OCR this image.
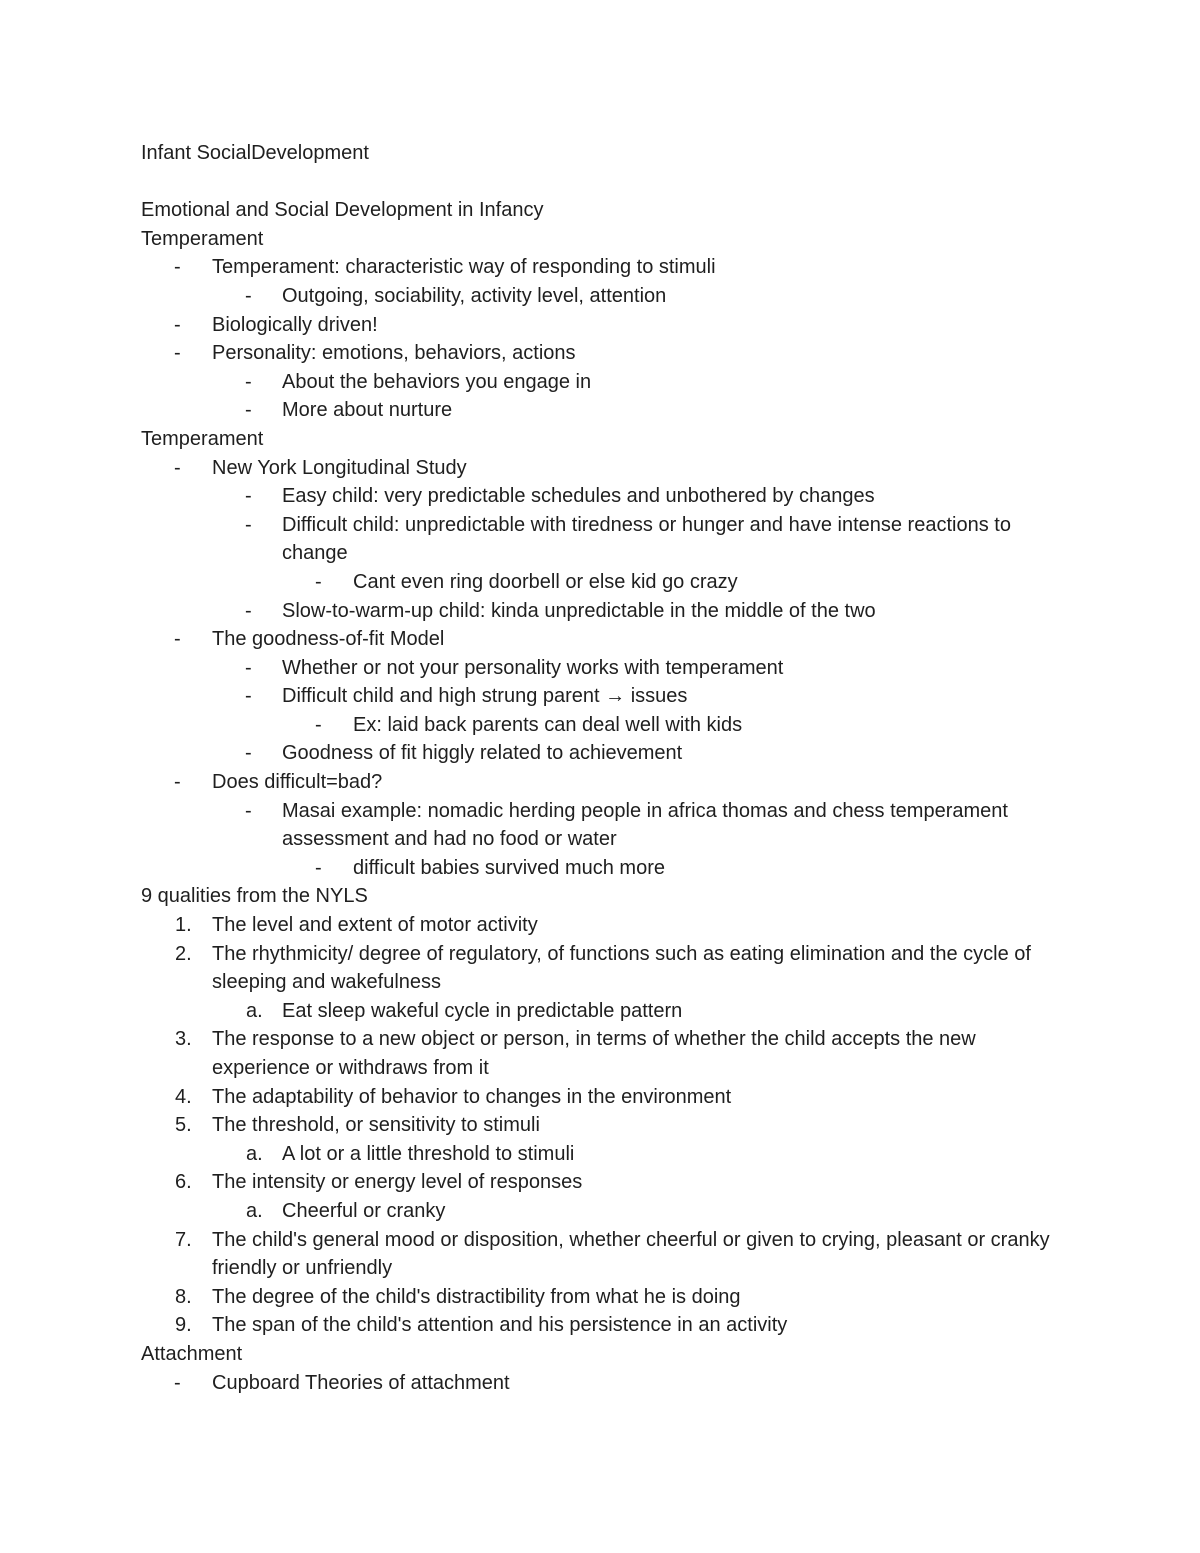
Infant SocialDevelopment
Emotional and Social Development in Infancy
Temperament
- Temperament: characteristic way of responding to stimuli
- Outgoing, sociability, activity level, attention
- Biologically driven!
- Personality: emotions, behaviors, actions
- About the behaviors you engage in
- More about nurture
Temperament
- New York Longitudinal Study
- Easy child: very predictable schedules and unbothered by changes
- Difficult child: unpredictable with tiredness or hunger and have intense reactions to change
- Cant even ring doorbell or else kid go crazy
- Slow-to-warm-up child: kinda unpredictable in the middle of the two
- The goodness-of-fit Model
- Whether or not your personality works with temperament
- Difficult child and high strung parent → issues
- Ex: laid back parents can deal well with kids
- Goodness of fit higgly related to achievement
- Does difficult=bad?
- Masai example: nomadic herding people in africa thomas and chess temperament assessment and had no food or water
- difficult babies survived much more
9 qualities from the NYLS
1. The level and extent of motor activity
2. The rhythmicity/ degree of regulatory, of functions such as eating elimination and the cycle of sleeping and wakefulness
a. Eat sleep wakeful cycle in predictable pattern
3. The response to a new object or person, in terms of whether the child accepts the new experience or withdraws from it
4. The adaptability of behavior to changes in the environment
5. The threshold, or sensitivity to stimuli
a. A lot or a little threshold to stimuli
6. The intensity or energy level of responses
a. Cheerful or cranky
7. The child's general mood or disposition, whether cheerful or given to crying, pleasant or cranky friendly or unfriendly
8. The degree of the child's distractibility from what he is doing
9. The span of the child's attention and his persistence in an activity
Attachment
- Cupboard Theories of attachment
